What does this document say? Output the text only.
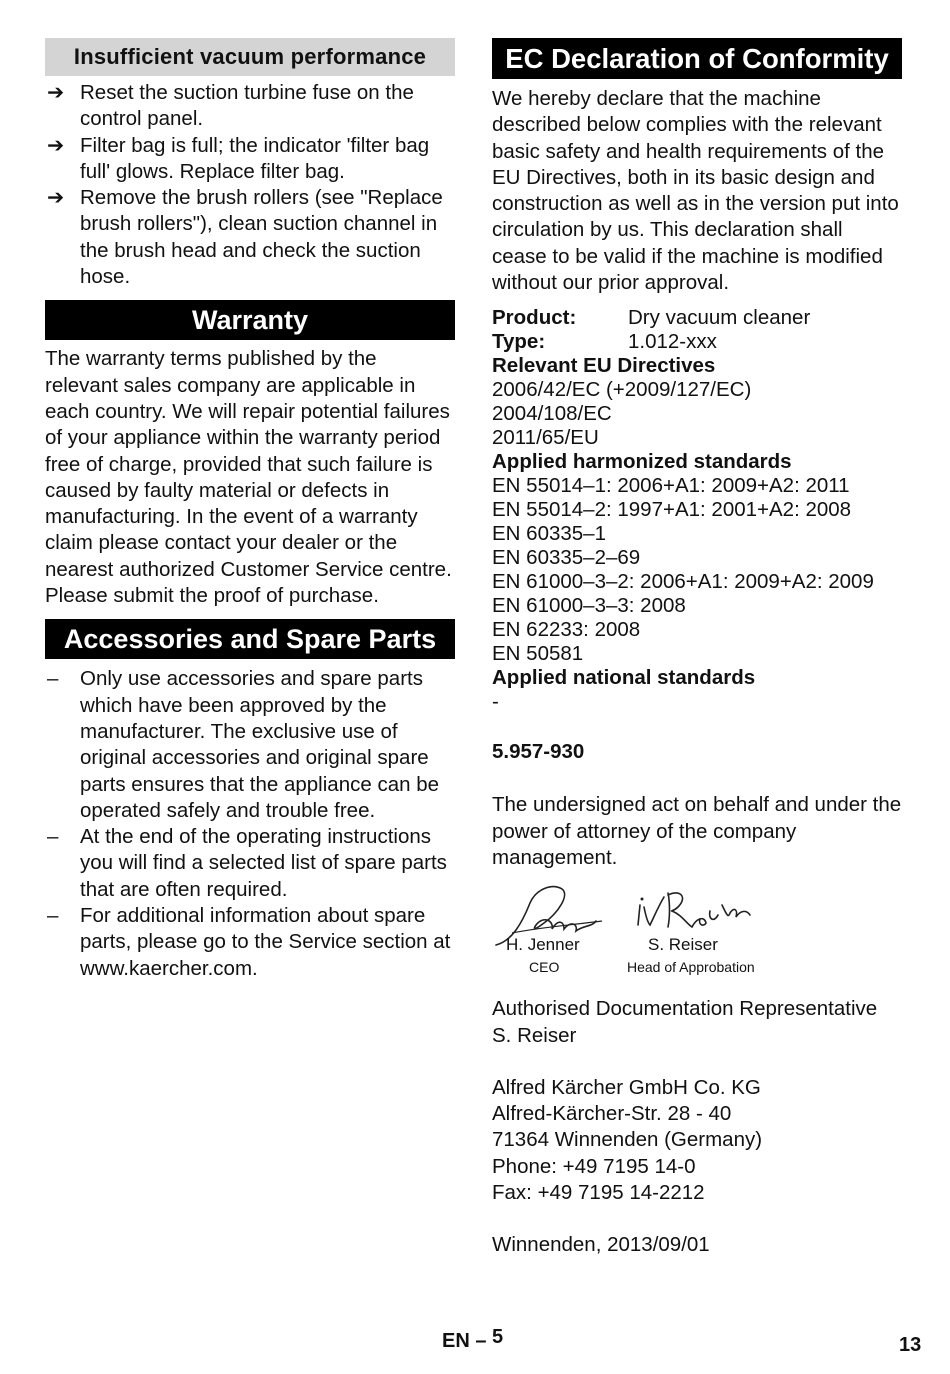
Insufficient vacuum performance
➔ Reset the suction turbine fuse on the control panel.
➔ Filter bag is full; the indicator 'filter bag full' glows. Replace filter bag.
➔ Remove the brush rollers (see "Replace brush rollers"), clean suction channel in the brush head and check the suction hose.
Warranty

The warranty terms published by the relevant sales company are applicable in each country. We will repair potential failures of your appliance within the warranty period free of charge, provided that such failure is caused by faulty material or defects in manufacturing. In the event of a warranty claim please contact your dealer or the nearest authorized Customer Service centre. Please submit the proof of purchase.

Accessories and Spare Parts
– Only use accessories and spare parts which have been approved by the manufacturer. The exclusive use of original accessories and original spare parts ensures that the appliance can be operated safely and trouble free.
– At the end of the operating instructions you will find a selected list of spare parts that are often required.
– For additional information about spare parts, please go to the Service section at www.kaercher.com.
EC Declaration of Conformity

We hereby declare that the machine described below complies with the relevant basic safety and health requirements of the EU Directives, both in its basic design and construction as well as in the version put into circulation by us. This declaration shall cease to be valid if the machine is modified without our prior approval.

Product:	Dry vacuum cleaner
Type:	1.012-xxx
Relevant EU Directives
2006/42/EC (+2009/127/EC)
2004/108/EC
2011/65/EU
Applied harmonized standards
EN 55014–1: 2006+A1: 2009+A2: 2011
EN 55014–2: 1997+A1: 2001+A2: 2008
EN 60335–1
EN 60335–2–69
EN 61000–3–2: 2006+A1: 2009+A2: 2009
EN 61000–3–3: 2008
EN 62233: 2008
EN 50581
Applied national standards
-
5.957-930

The undersigned act on behalf and under the power of attorney of the company management.

H. Jenner
CEO
S. Reiser
Head of Approbation

Authorised Documentation Representative

S. Reiser

Alfred Kärcher GmbH Co. KG

Alfred-Kärcher-Str. 28 - 40

71364 Winnenden (Germany)

Phone: +49 7195 14-0

Fax: +49 7195 14-2212

Winnenden, 2013/09/01

EN – 5	13
